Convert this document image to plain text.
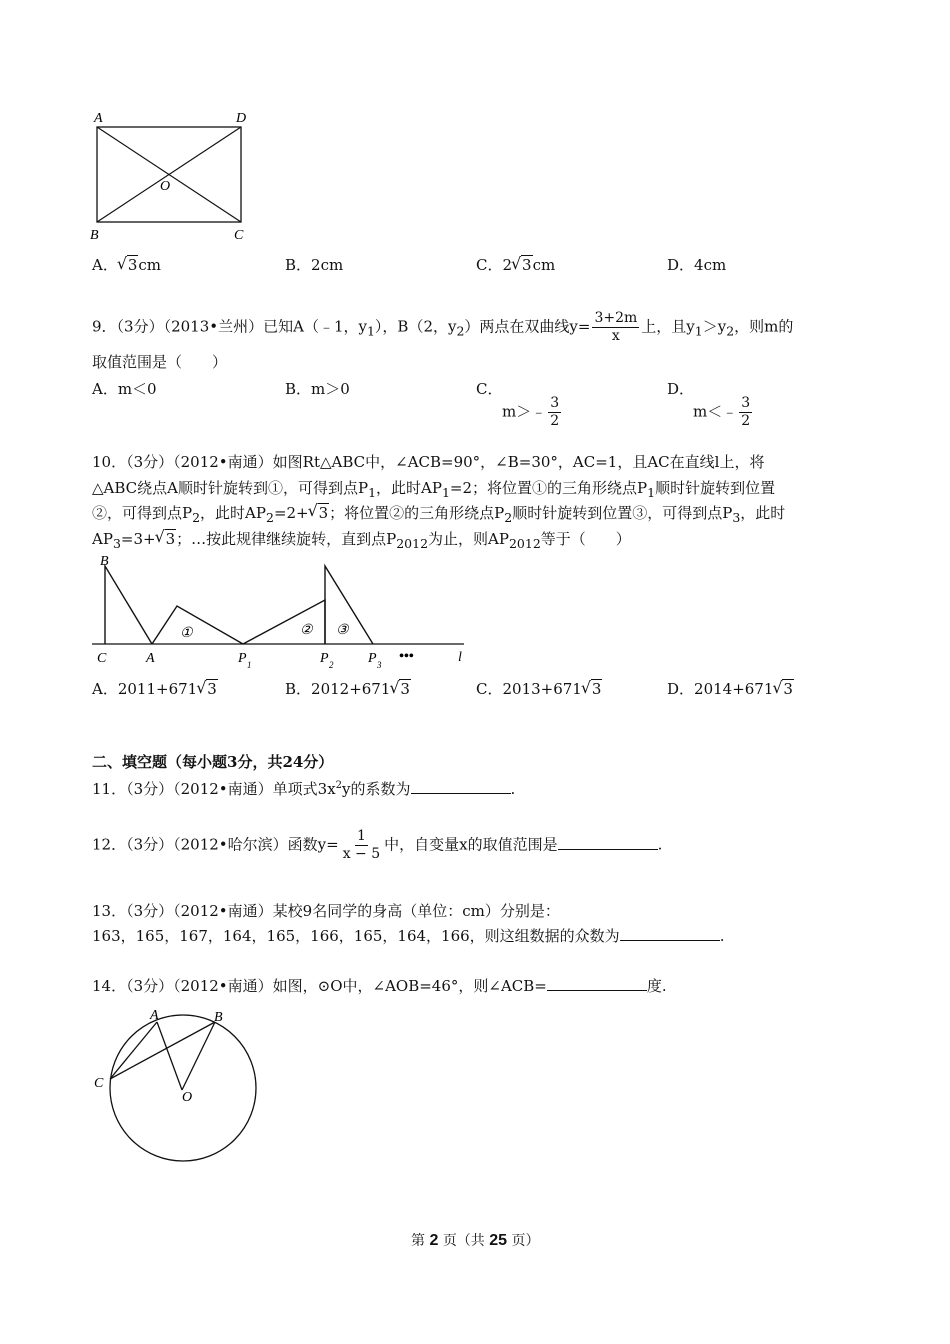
A	D
O
B	C
A．√ 3cm	B．2cm	C．2√ 3cm	D．4cm
9．（3分）（2013•兰州）已知A（﹣1，$y_1$），B（2，$y_2$）两点在双曲线$y= \frac{3+2m}{x}$ 上，且$y_1>y_2$，则m的
取值范围是（　　）
A．m＜0	B．m＞0	C．
m＞﹣ $\frac{3}{2}$
D．
m＜﹣ $\frac{3}{2}$
10．（3分）（2012•南通）如图Rt△ABC中，∠ACB=90°，∠B=30°，AC=1，且AC在直线l上，将
△ABC绕点A顺时针旋转到①，可得到点$P_1$，此时$AP_1=2$；将位置①的三角形绕点$P_1$顺时针旋转到位置
②，可得到点$P_2$，此时$AP_2=2+√$ 3；将位置②的三角形绕点$P_2$顺时针旋转到位置③，可得到点$P_3$，此时
$AP_3=3+√$ 3；…按此规律继续旋转，直到点$P_{2012}$为止，则$AP_{2012}$等于（　　）
B
C	A
①	② ③
P 1	P 2 P 3
•••	l
A．2011+671√ 3	B．2012+671√ 3	C．2013+671√ 3	D．2014+671√ 3
二、填空题（每小题3分，共24分）
11．（3分）（2012•南通）单项式$3x^2y$的系数为	.
12．（3分）（2012•哈尔滨）函数$y= \frac{1}{x - 5}$ 中，自变量x的取值范围是	.
13．（3分）（2012•南通）某校9名同学的身高（单位：cm）分别是：
163，165，167，164，165，166，165，164，166，则这组数据的众数为	.
14．（3分）（2012•南通）如图，⊙O中，∠AOB=46°，则∠ACB=	度.
A	B
C
O
第 2 页（共 25 页）
